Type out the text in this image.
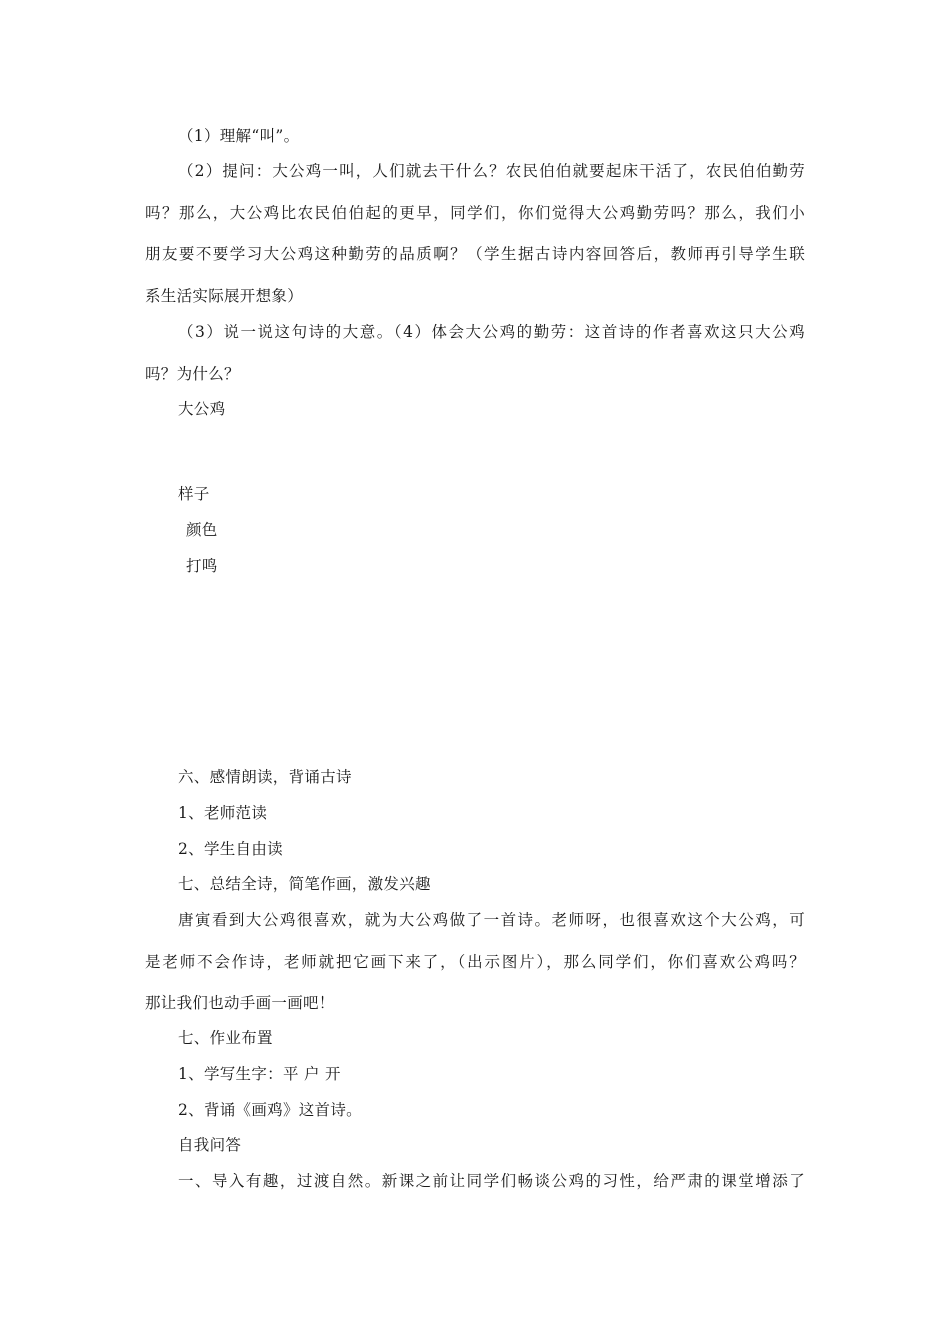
（1）理解“叫”。
（2）提问：大公鸡一叫，人们就去干什么？农民伯伯就要起床干活了，农民伯伯勤劳
吗？那么，大公鸡比农民伯伯起的更早，同学们，你们觉得大公鸡勤劳吗？那么，我们小
朋友要不要学习大公鸡这种勤劳的品质啊？（学生据古诗内容回答后，教师再引导学生联
系生活实际展开想象）
（3）说一说这句诗的大意。（4）体会大公鸡的勤劳：这首诗的作者喜欢这只大公鸡
吗？为什么？
大公鸡
样子
颜色
打鸣
六、感情朗读，背诵古诗
1、老师范读
2、学生自由读
七、总结全诗，简笔作画，激发兴趣
唐寅看到大公鸡很喜欢，就为大公鸡做了一首诗。老师呀，也很喜欢这个大公鸡，可
是老师不会作诗，老师就把它画下来了，（出示图片），那么同学们，你们喜欢公鸡吗？
那让我们也动手画一画吧！
七、作业布置
1、学写生字：平 户 开
2、背诵《画鸡》这首诗。
自我问答
一、导入有趣，过渡自然。新课之前让同学们畅谈公鸡的习性，给严肃的课堂增添了
